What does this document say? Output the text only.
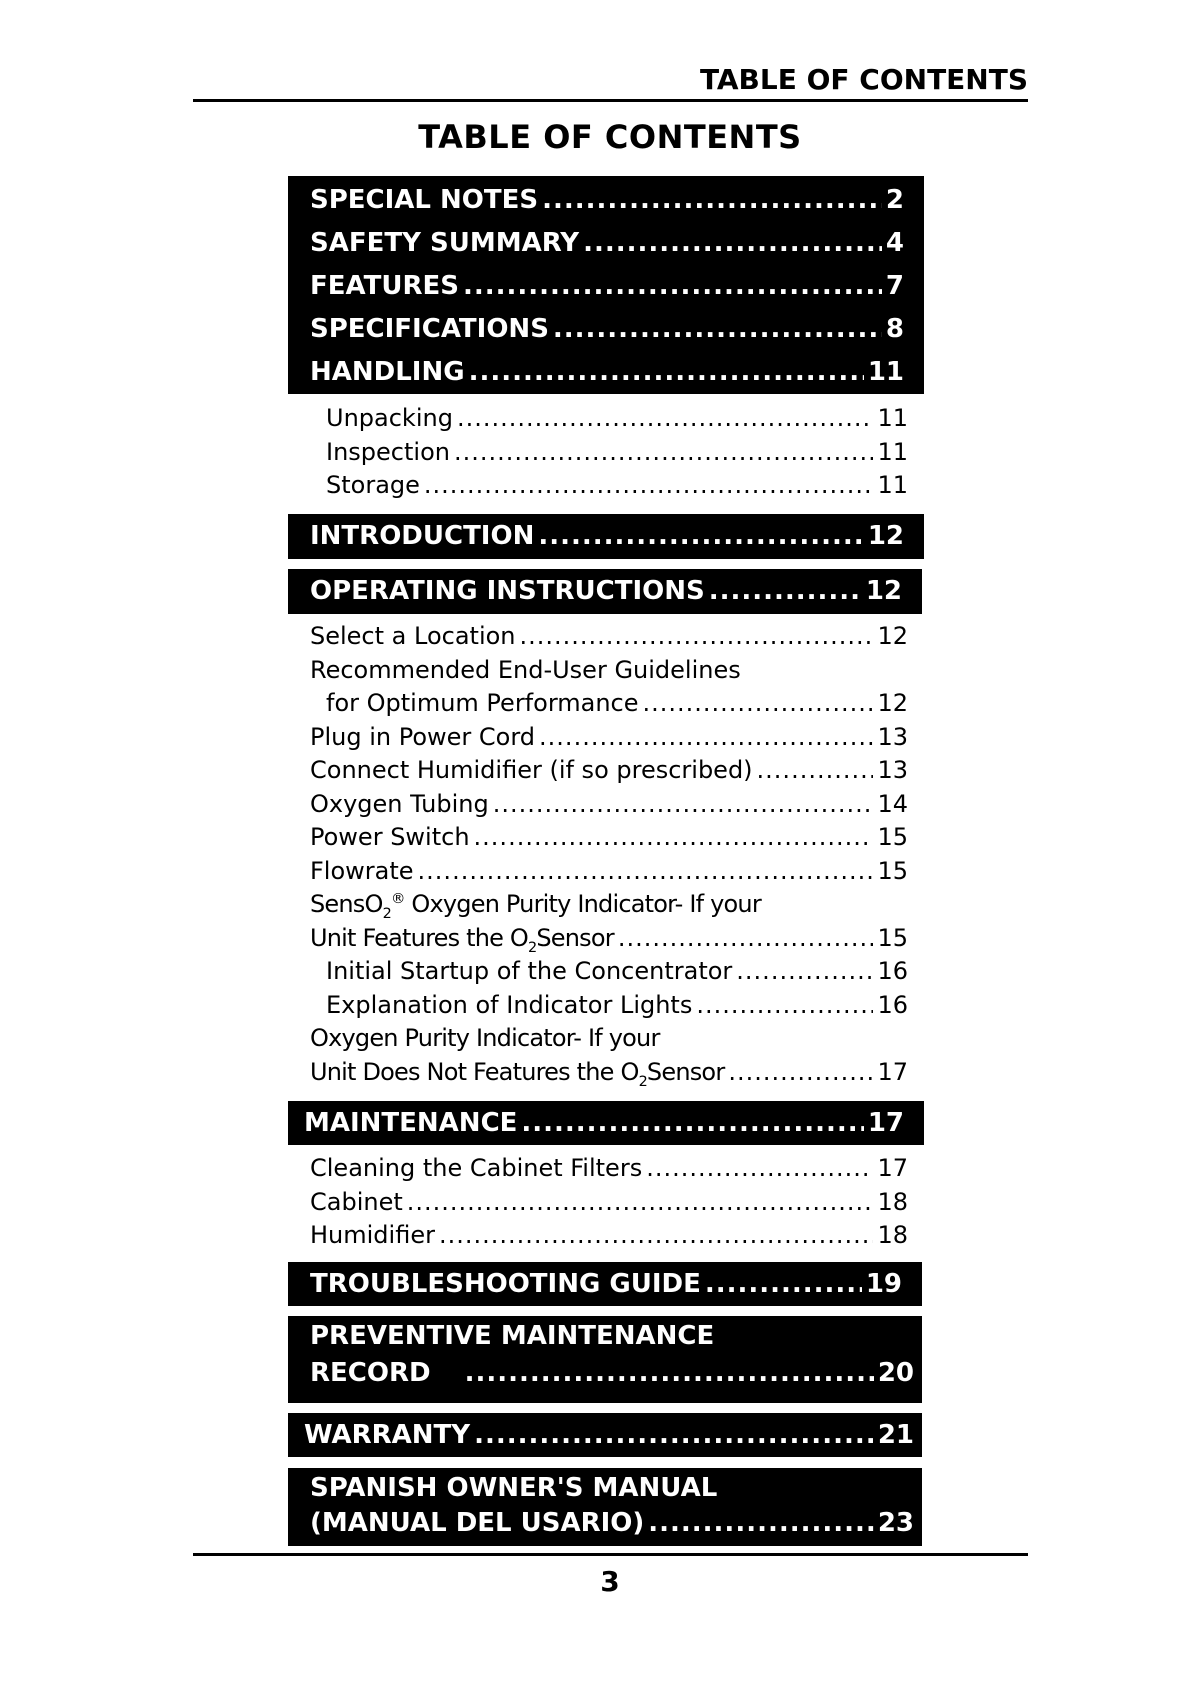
TABLE OF CONTENTS
TABLE OF CONTENTS
SPECIAL NOTES .....	2
SAFETY SUMMARY .....	4
FEATURES .....	7
SPECIFICATIONS .....	8
HANDLING .....	11
Unpacking .....	11
Inspection .....	11
Storage .....	11
INTRODUCTION .....	12
OPERATING INSTRUCTIONS .....	12
Select a Location .....	12
Recommended End-User Guidelines
for Optimum Performance .....	12
Plug in Power Cord .....	13
Connect Humidifier (if so prescribed) .....	13
Oxygen Tubing .....	14
Power Switch .....	15
Flowrate .....	15
SensO$_2$® Oxygen Purity Indicator- If your
Unit Features the $O_2Sensor$ .....	15
Initial Startup of the Concentrator .....	16
Explanation of Indicator Lights .....	16
Oxygen Purity Indicator- If your
Unit Does Not Features the $O_2Sensor$ .....	17
MAINTENANCE .....	17
Cleaning the Cabinet Filters .....	17
Cabinet .....	18
Humidifier .....	18
TROUBLESHOOTING GUIDE .....	19
PREVENTIVE MAINTENANCE
RECORD .....	20
WARRANTY .....	21
SPANISH OWNER'S MANUAL
(MANUAL DEL USARIO) .....	23
3
